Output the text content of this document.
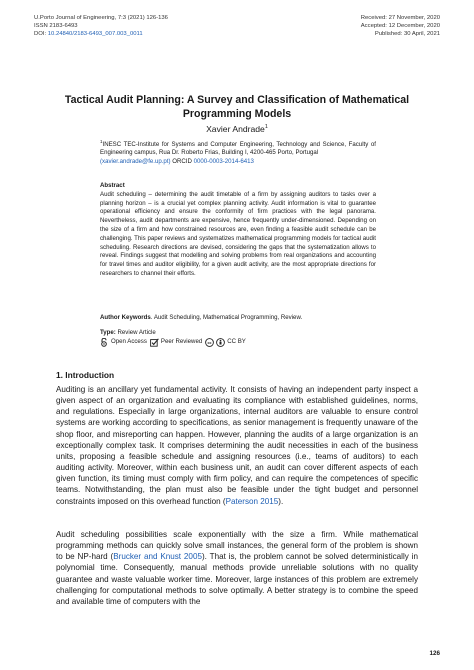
U.Porto Journal of Engineering, 7:3 (2021) 126-136
ISSN 2183-6493
DOI: 10.24840/2183-6493_007.003_0011
Received: 27 November, 2020
Accepted: 12 December, 2020
Published: 30 April, 2021
Tactical Audit Planning: A Survey and Classification of Mathematical Programming Models
Xavier Andrade$^1$
$^1$INESC TEC-Institute for Systems and Computer Engineering, Technology and Science, Faculty of Engineering campus, Rua Dr. Roberto Frias, Building I, 4200-465 Porto, Portugal
(xavier.andrade@fe.up.pt) ORCID 0000-0003-2014-6413
Abstract
Audit scheduling – determining the audit timetable of a firm by assigning auditors to tasks over a planning horizon – is a crucial yet complex planning activity. Audit information is vital to guarantee operational efficiency and ensure the conformity of firm practices with the legal panorama. Nevertheless, audit departments are expensive, hence frequently under-dimensioned. Depending on the size of a firm and how constrained resources are, even finding a feasible audit schedule can be challenging. This paper reviews and systematizes mathematical programming models for tactical audit scheduling. Research directions are devised, considering the gaps that the systematization allows to reveal. Findings suggest that modelling and solving problems from real organizations and accounting for travel times and auditor eligibility, for a given audit activity, are the most appropriate directions for researchers to channel their efforts.
Author Keywords. Audit Scheduling, Mathematical Programming, Review.
Type: Review Article
Open Access Peer Reviewed cc	CC BY
1. Introduction
Auditing is an ancillary yet fundamental activity. It consists of having an independent party inspect a given aspect of an organization and evaluating its compliance with established guidelines, norms, and regulations. Especially in large organizations, internal auditors are valuable to ensure control systems are working according to specifications, as senior management is frequently unaware of the shop floor, and misreporting can happen. However, planning the audits of a large organization is an exceptionally complex task. It comprises determining the audit necessities in each of the business units, proposing a feasible schedule and assigning resources (i.e., teams of auditors) to each auditing activity. Moreover, within each business unit, an audit can cover different aspects of each given function, its timing must comply with firm policy, and can require the competences of specific teams. Notwithstanding, the plan must also be feasible under the tight budget and personnel constraints imposed on this overhead function (Paterson 2015).
Audit scheduling possibilities scale exponentially with the size a firm. While mathematical programming methods can quickly solve small instances, the general form of the problem is shown to be NP-hard (Brucker and Knust 2005). That is, the problem cannot be solved deterministically in polynomial time. Consequently, manual methods provide unreliable solutions with no quality guarantee and waste valuable worker time. Moreover, large instances of this problem are extremely challenging for computational methods to solve optimally. A better strategy is to combine the speed and available time of computers with the
126
